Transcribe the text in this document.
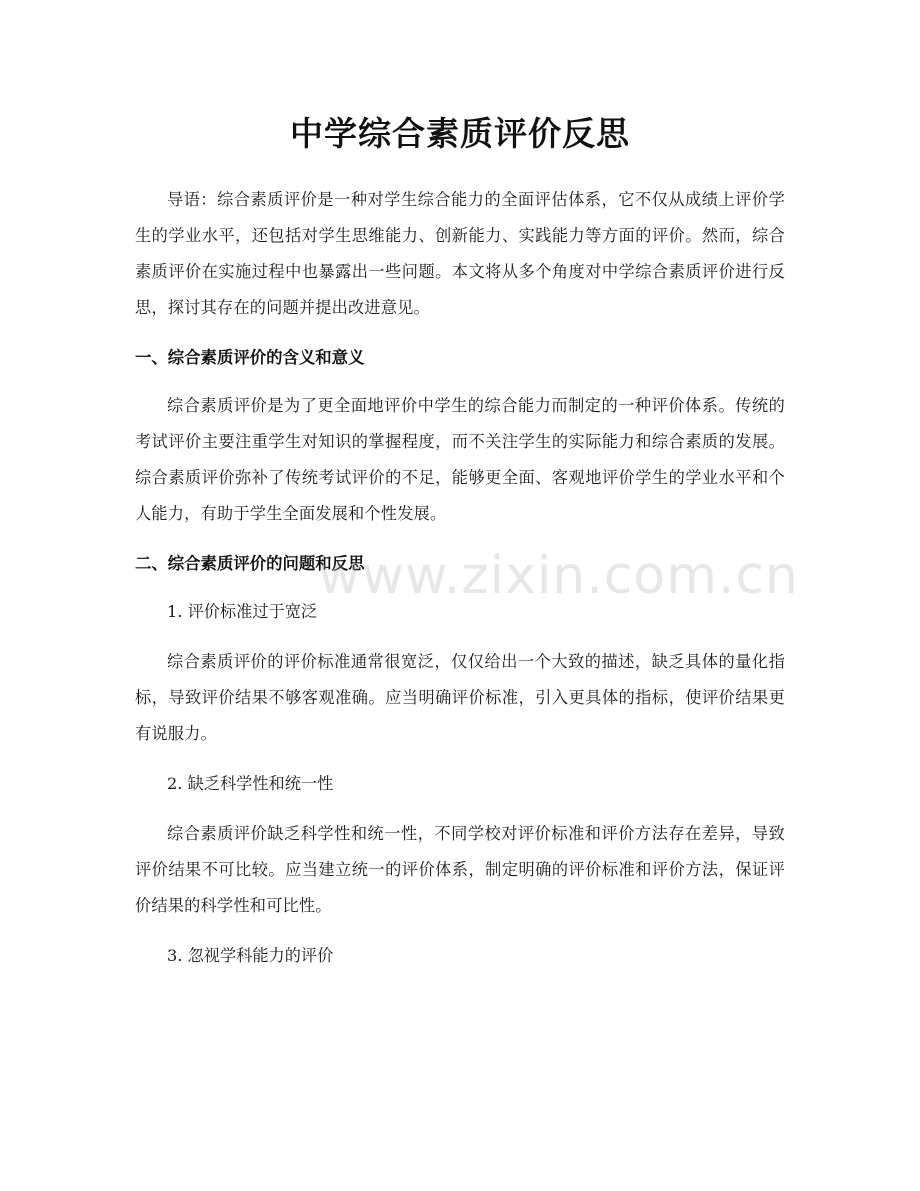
中学综合素质评价反思

导语：综合素质评价是一种对学生综合能力的全面评估体系，它不仅从成绩上评价学生的学业水平，还包括对学生思维能力、创新能力、实践能力等方面的评价。然而，综合素质评价在实施过程中也暴露出一些问题。本文将从多个角度对中学综合素质评价进行反思，探讨其存在的问题并提出改进意见。

一、综合素质评价的含义和意义

综合素质评价是为了更全面地评价中学生的综合能力而制定的一种评价体系。传统的考试评价主要注重学生对知识的掌握程度，而不关注学生的实际能力和综合素质的发展。综合素质评价弥补了传统考试评价的不足，能够更全面、客观地评价学生的学业水平和个人能力，有助于学生全面发展和个性发展。

二、综合素质评价的问题和反思
1. 评价标准过于宽泛

综合素质评价的评价标准通常很宽泛，仅仅给出一个大致的描述，缺乏具体的量化指标，导致评价结果不够客观准确。应当明确评价标准，引入更具体的指标，使评价结果更有说服力。

2. 缺乏科学性和统一性

综合素质评价缺乏科学性和统一性，不同学校对评价标准和评价方法存在差异，导致评价结果不可比较。应当建立统一的评价体系，制定明确的评价标准和评价方法，保证评价结果的科学性和可比性。

3. 忽视学科能力的评价
www.zixin.com.cn
